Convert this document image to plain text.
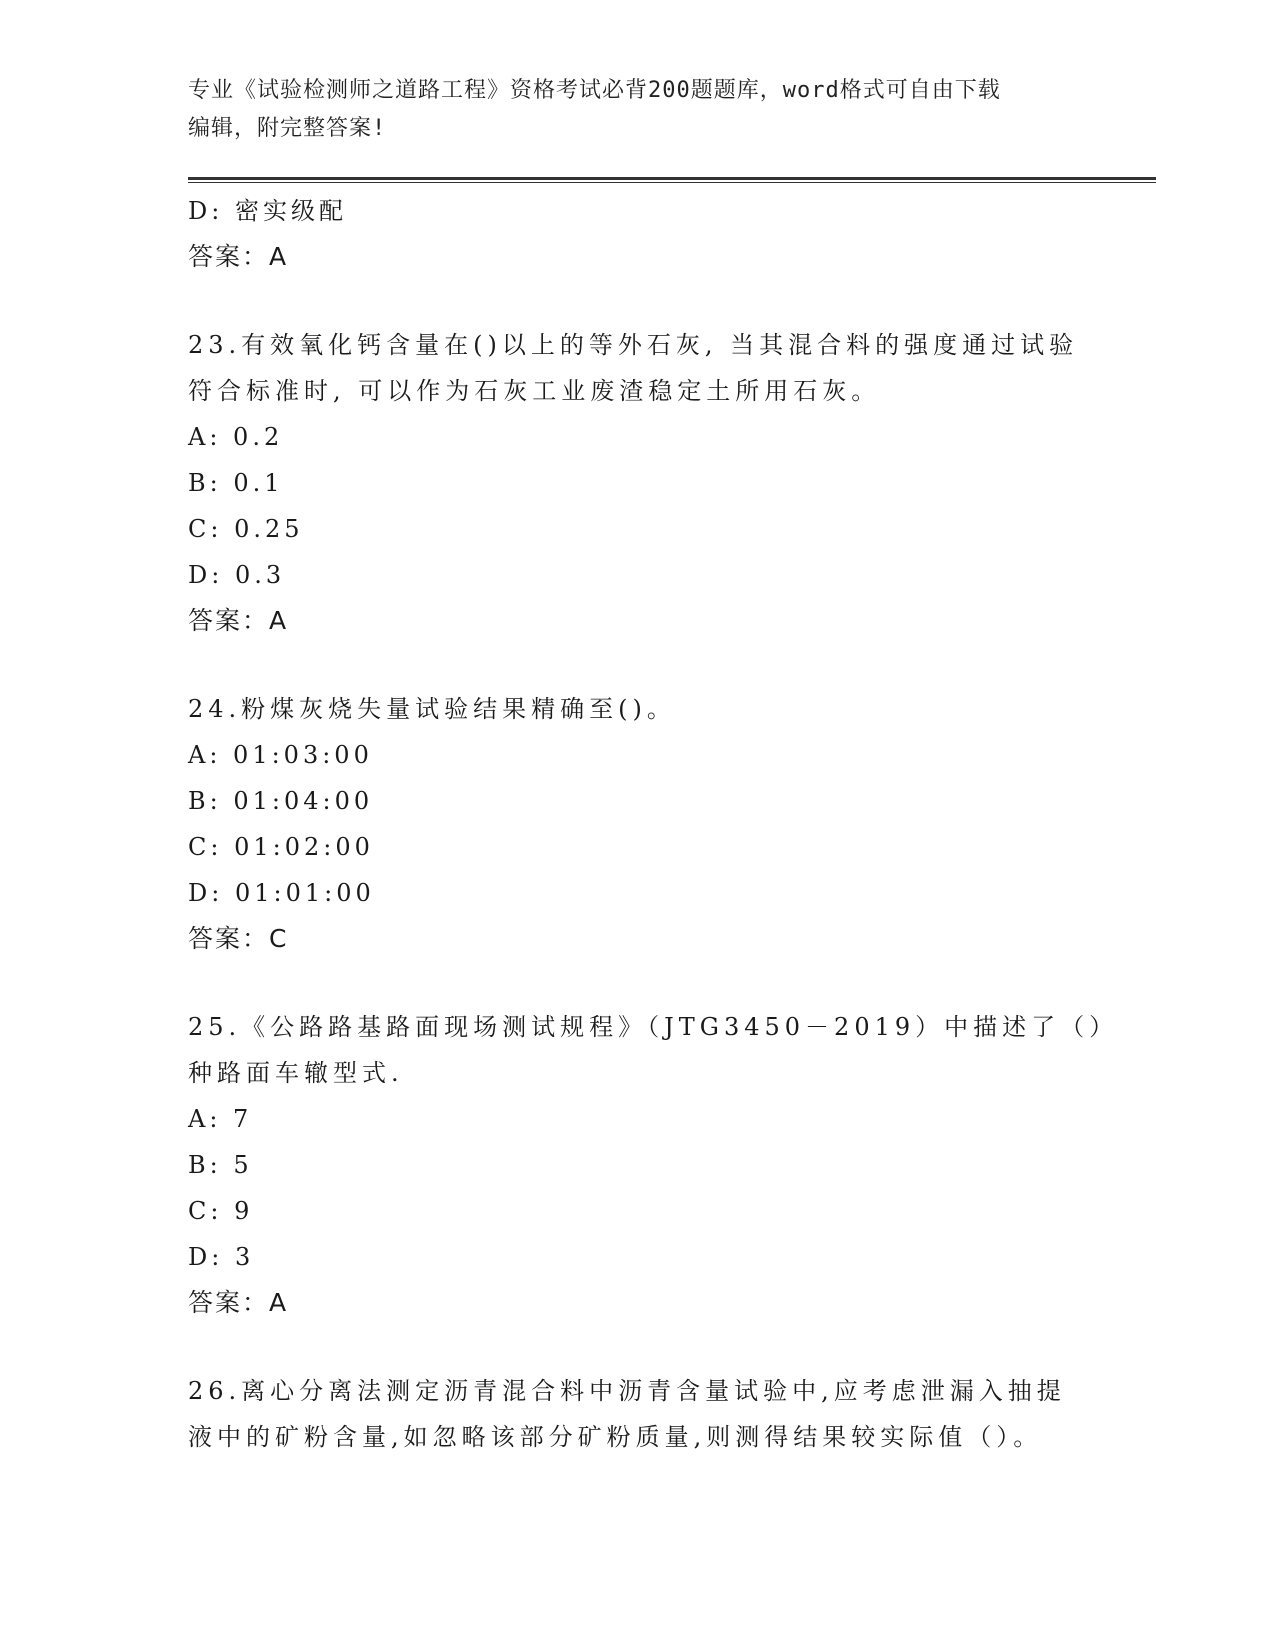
专业《试验检测师之道路工程》资格考试必背200题题库，word格式可自由下载
编辑，附完整答案!
D: 密实级配
答案：A
23.有效氧化钙含量在()以上的等外石灰, 当其混合料的强度通过试验
符合标准时, 可以作为石灰工业废渣稳定土所用石灰。
A: 0.2
B: 0.1
C: 0.25
D: 0.3
答案：A
24.粉煤灰烧失量试验结果精确至()。
A: 01:03:00
B: 01:04:00
C: 01:02:00
D: 01:01:00
答案：C
25.《公路路基路面现场测试规程》（JTG3450－2019）中描述了（）
种路面车辙型式.
A: 7
B: 5
C: 9
D: 3
答案：A
26.离心分离法测定沥青混合料中沥青含量试验中,应考虑泄漏入抽提
液中的矿粉含量,如忽略该部分矿粉质量,则测得结果较实际值（）。
